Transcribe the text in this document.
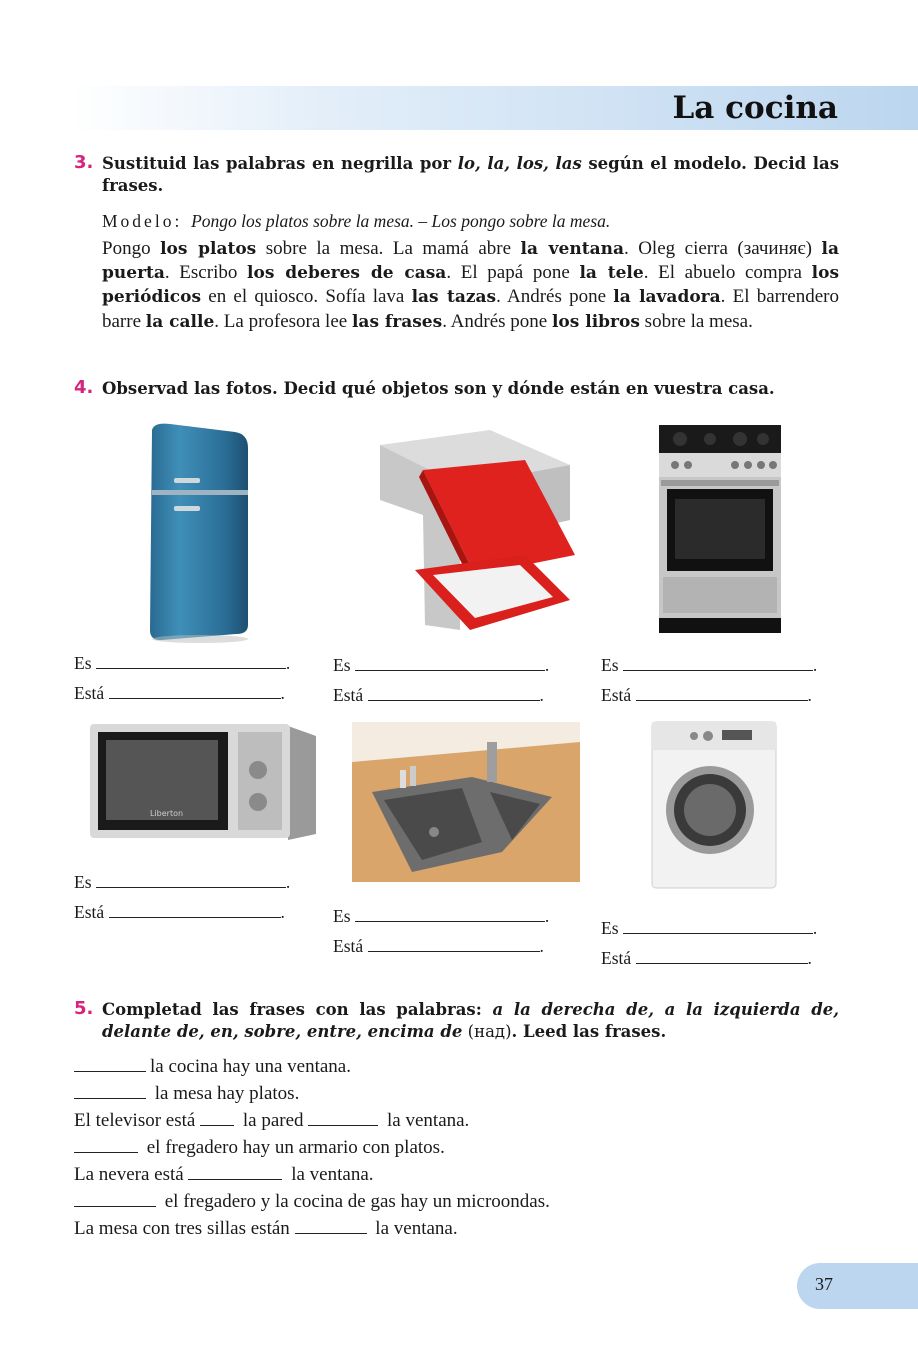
La cocina
3. Sustituid las palabras en negrilla por lo, la, los, las según el modelo. Decid las frases.
Modelo: Pongo los platos sobre la mesa. – Los pongo sobre la mesa.
Pongo los platos sobre la mesa. La mamá abre la ventana. Oleg cierra (зачиняє) la puerta. Escribo los deberes de casa. El papá pone la tele. El abuelo compra los periódicos en el quiosco. Sofía lava las tazas. Andrés pone la lavadora. El barrendero barre la calle. La profesora lee las frases. Andrés pone los libros sobre la mesa.
4. Observad las fotos. Decid qué objetos son y dónde están en vuestra casa.
Es	.
Está	.
Es	.
Está	.
Es	.
Está	.
Liberton
Es	.
Está	.	Es	.
Está	.
Es	.
Está	.
5. Completad las frases con las palabras: a la derecha de, a la izquierda de, delante de, en, sobre, entre, encima de (над). Leed las frases.
la cocina hay una ventana.
la mesa hay platos.
El televisor está  la pared	la ventana.
el fregadero hay un armario con platos.
La nevera está	la ventana.
el fregadero y la cocina de gas hay un microondas.
La mesa con tres sillas están	la ventana.
37
